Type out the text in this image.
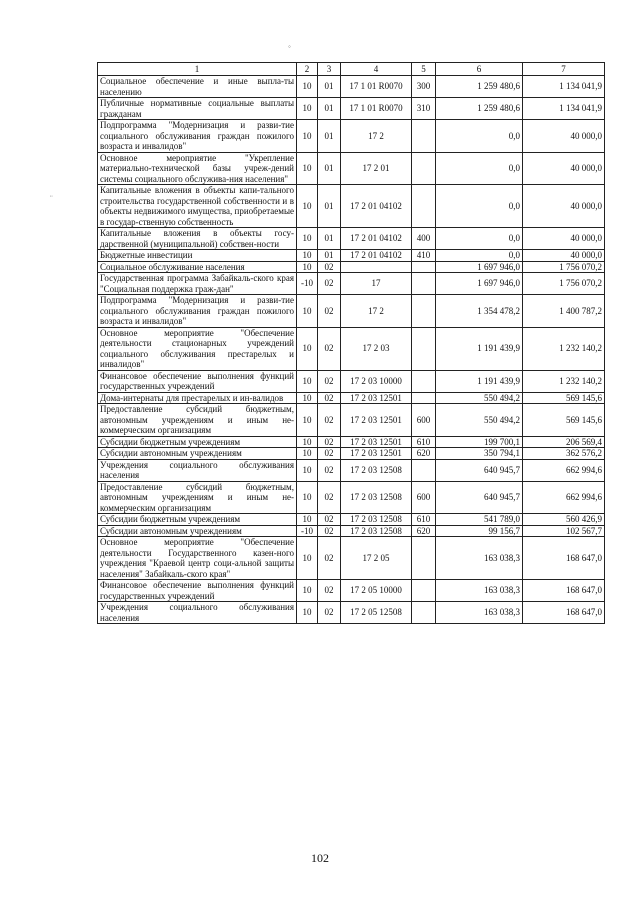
◦
¨
1	2	3	4	5	6	7
Социальное обеспечение и иные выпла-ты населению	10	01	17 1 01 R0070	300	1 259 480,6	1 134 041,9
Публичные нормативные социальные выплаты гражданам	10	01	17 1 01 R0070	310	1 259 480,6	1 134 041,9
Подпрограмма "Модернизация и разви-тие социального обслуживания граждан пожилого возраста и инвалидов"	10	01	17 2		0,0	40 000,0
Основное мероприятие "Укрепление материально-технической базы учреж-дений системы социального обслужива-ния населения"	10	01	17 2 01		0,0	40 000,0
Капитальные вложения в объекты капи-тального строительства государственной собственности и в объекты недвижимого имущества, приобретаемые в государ-ственную собственность	10	01	17 2 01 04102		0,0	40 000,0
Капитальные вложения в объекты госу-дарственной (муниципальной) собствен-ности	10	01	17 2 01 04102	400	0,0	40 000,0
Бюджетные инвестиции	10	01	17 2 01 04102	410	0,0	40 000,0
Социальное обслуживание населения	10	02			1 697 946,0	1 756 070,2
Государственная программа Забайкаль-ского края "Социальная поддержка граж-дан"	-10	02	17		1 697 946,0	1 756 070,2
Подпрограмма "Модернизация и разви-тие социального обслуживания граждан пожилого возраста и инвалидов"	10	02	17 2		1 354 478,2	1 400 787,2
Основное мероприятие "Обеспечение деятельности стационарных учреждений социального обслуживания престарелых и инвалидов"	10	02	17 2 03		1 191 439,9	1 232 140,2
Финансовое обеспечение выполнения функций государственных учреждений	10	02	17 2 03 10000		1 191 439,9	1 232 140,2
Дома-интернаты для престарелых и ин-валидов	10	02	17 2 03 12501		550 494,2	569 145,6
Предоставление субсидий бюджетным, автономным учреждениям и иным не-коммерческим организациям	10	02	17 2 03 12501	600	550 494,2	569 145,6
Субсидии бюджетным учреждениям	10	02	17 2 03 12501	610	199 700,1	206 569,4
Субсидии автономным учреждениям	10	02	17 2 03 12501	620	350 794,1	362 576,2
Учреждения социального обслуживания населения	10	02	17 2 03 12508		640 945,7	662 994,6
Предоставление субсидий бюджетным, автономным учреждениям и иным не-коммерческим организациям	10	02	17 2 03 12508	600	640 945,7	662 994,6
Субсидии бюджетным учреждениям	10	02	17 2 03 12508	610	541 789,0	560 426,9
Субсидии автономным учреждениям	-10	02	17 2 03 12508	620	99 156,7	102 567,7
Основное мероприятие "Обеспечение деятельности Государственного казен-ного учреждения "Краевой центр соци-альной защиты населения" Забайкаль-ского края"	10	02	17 2 05		163 038,3	168 647,0
Финансовое обеспечение выполнения функций государственных учреждений	10	02	17 2 05 10000		163 038,3	168 647,0
Учреждения социального обслуживания населения	10	02	17 2 05 12508		163 038,3	168 647,0
102
